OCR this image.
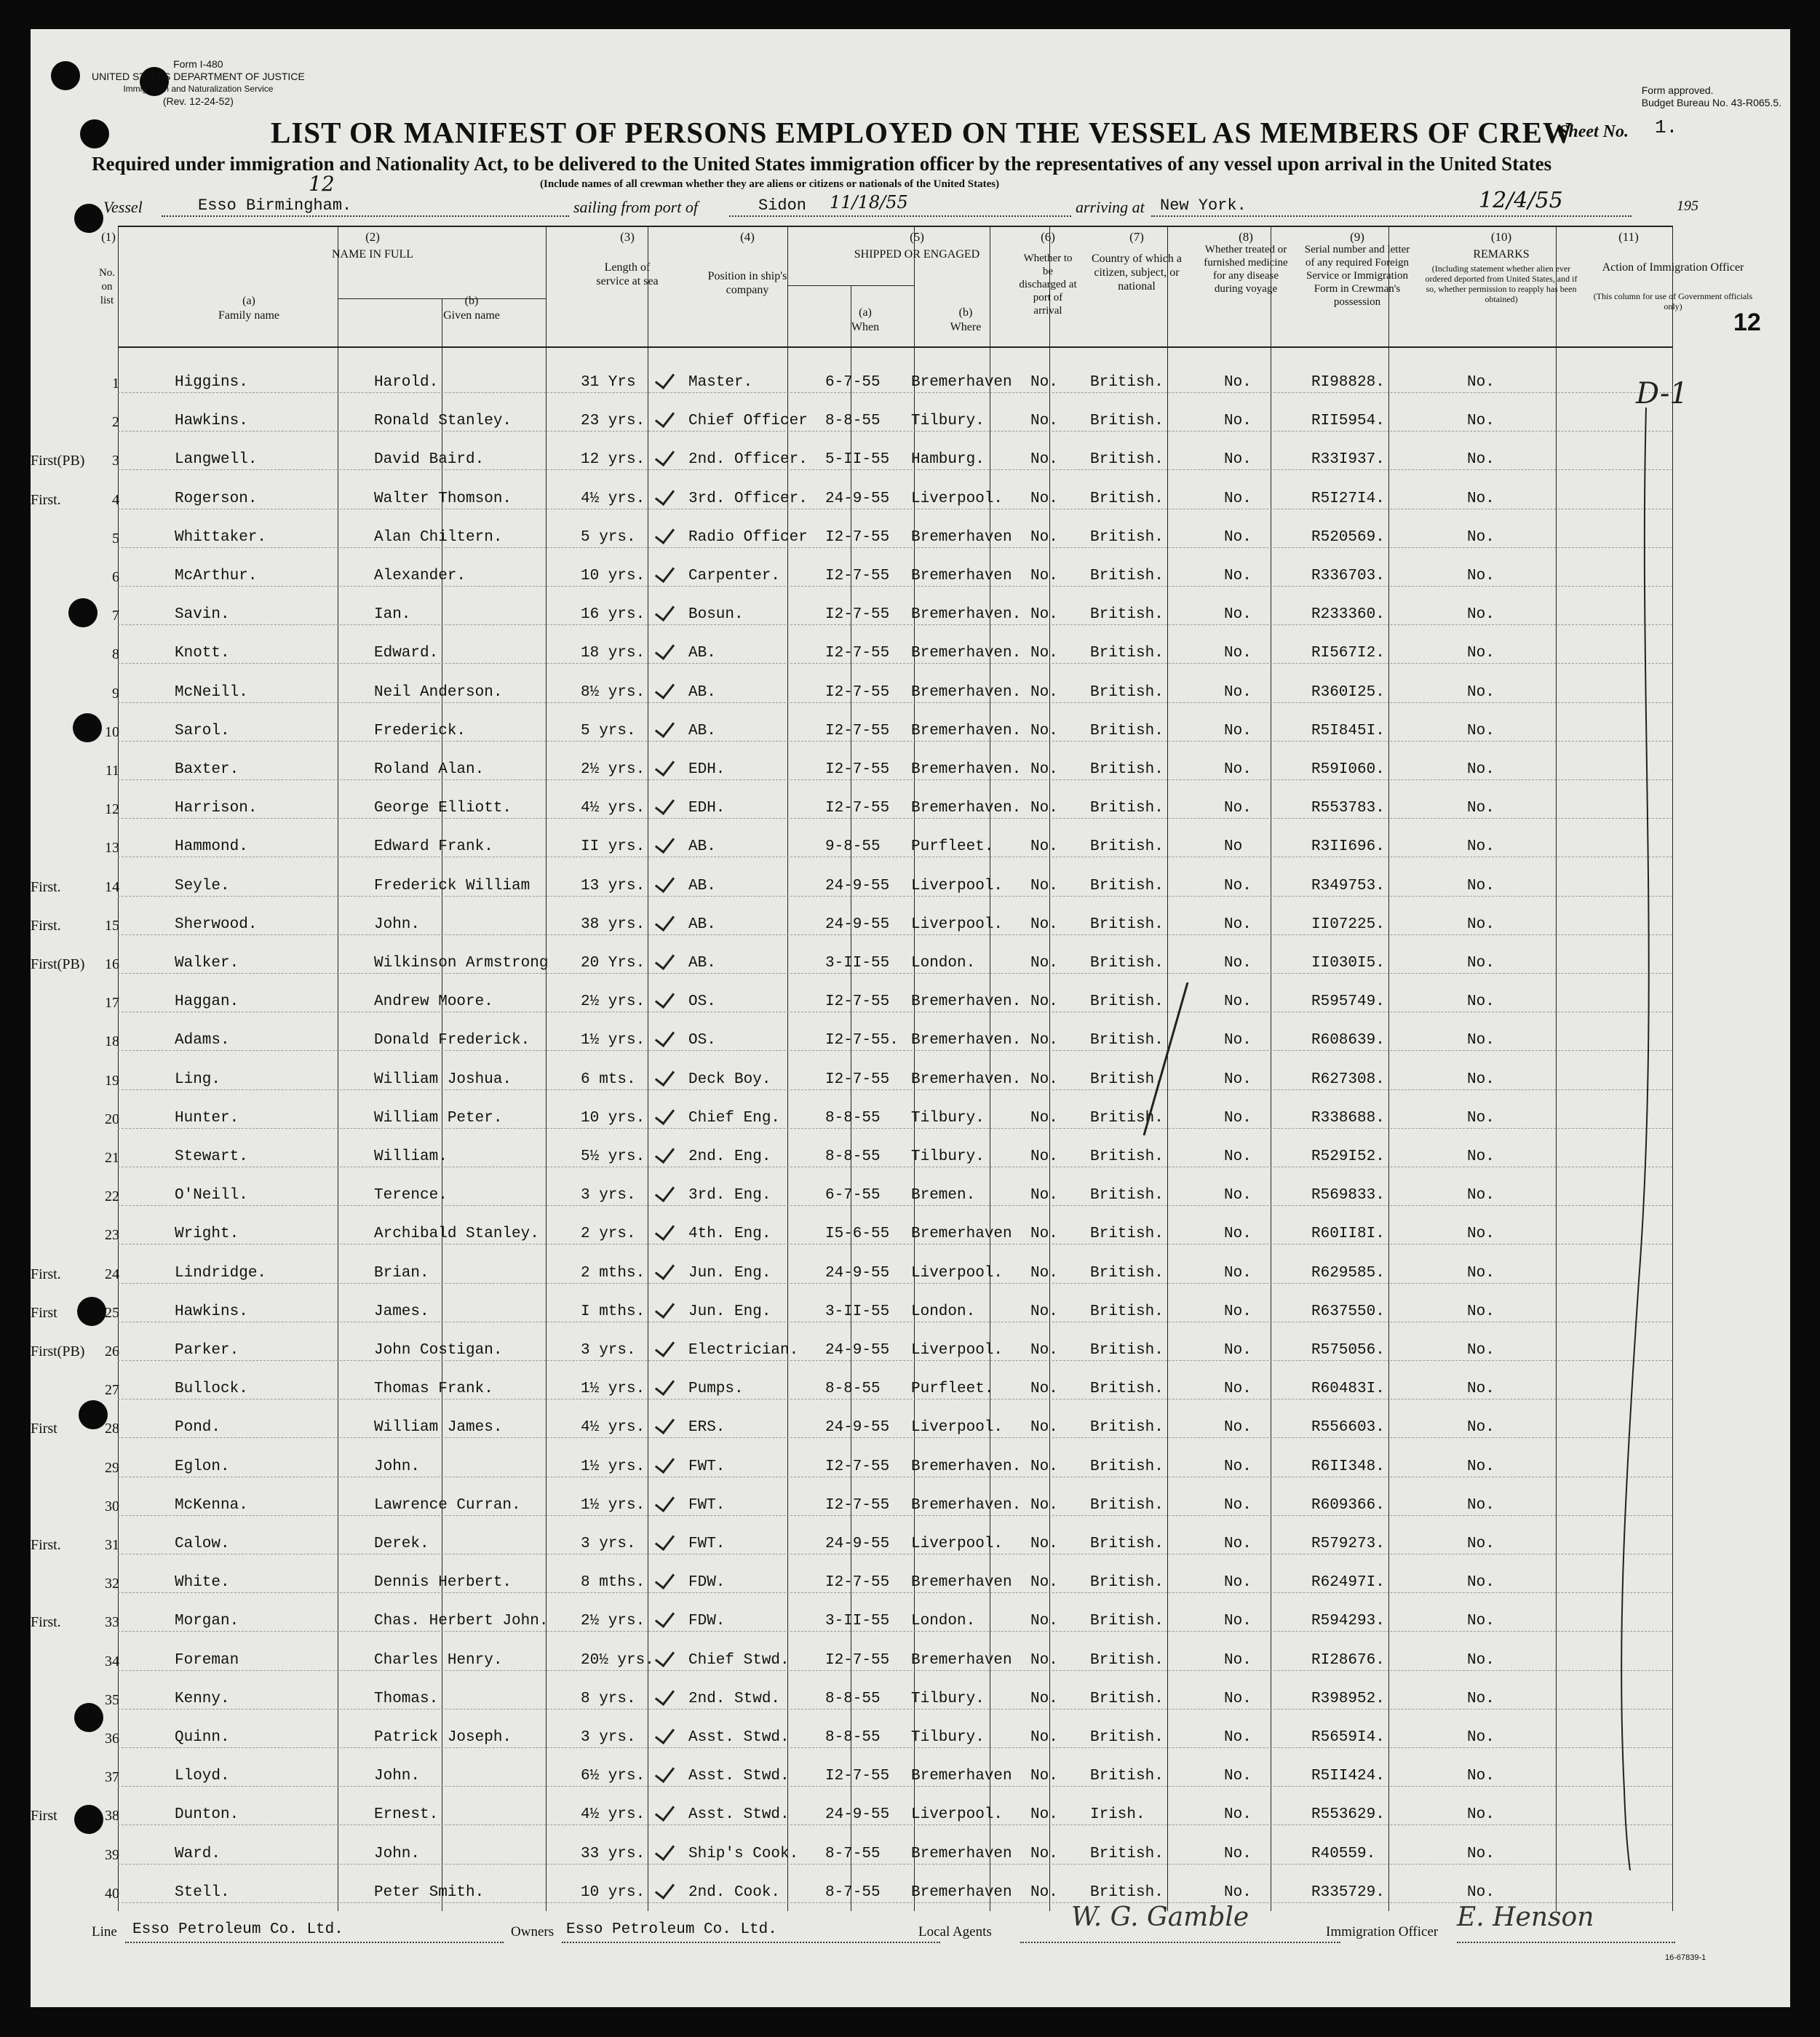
Form I-480
UNITED STATES DEPARTMENT OF JUSTICE
Immigration and Naturalization Service
(Rev. 12-24-52)
Form approved.
Budget Bureau No. 43-R065.5.
LIST OR MANIFEST OF PERSONS EMPLOYED ON THE VESSEL AS MEMBERS OF CREW
Sheet No. 1.
Required under immigration and Nationality Act, to be delivered to the United States immigration officer by the representatives of any vessel upon arrival in the United States
(Include names of all crewman whether they are aliens or citizens or nationals of the United States)
12
Vessel	Esso Birmingham.
12
sailing from port of	Sidon 11/18/55	arriving at New York.	12/4/55	195
(1)
No. on list
(2)
NAME IN FULL
(a)
Family name
(b)
Given name
(3)
Length of service at sea
(4)
Position in ship's company
(5)
SHIPPED OR ENGAGED
(a)
When
(b)
Where
(6)
Whether to be discharged at port of arrival
(7)
Country of which a citizen, subject, or national
(8)
Whether treated or furnished medicine for any disease during voyage
(9)
Serial number and letter of any required Foreign Service or Immigration Form in Crewman's possession
(10)
REMARKS
(Including statement whether alien ever ordered deported from United States, and if so, whether permission to reapply has been obtained)
(11)
Action of Immigration Officer
(This column for use of Government officials only)
1	Higgins.	Harold.	31 Yrs	Master.	6-7-55 Bremerhaven No. British.	No.	RI98828.	No.
2	Hawkins.	Ronald Stanley.	23 yrs.	Chief Officer 8-8-55 Tilbury.	No. British.	No.	RII5954.	No.
First(PB)	3	Langwell.	David Baird.	12 yrs.	2nd. Officer. 5-II-55 Hamburg.	No. British.	No.	R33I937.	No.
First.	4	Rogerson.	Walter Thomson.	4½ yrs.	3rd. Officer. 24-9-55 Liverpool. No. British.	No.	R5I27I4.	No.
5	Whittaker.	Alan Chiltern.	5 yrs.	Radio Officer I2-7-55 Bremerhaven No. British.	No.	R520569.	No.
6	McArthur.	Alexander.	10 yrs.	Carpenter.	I2-7-55 Bremerhaven No. British.	No.	R336703.	No.
7	Savin.	Ian.	16 yrs.	Bosun.	I2-7-55 Bremerhaven. No. British.	No.	R233360.	No.
8	Knott.	Edward.	18 yrs.	AB.	I2-7-55 Bremerhaven. No. British.	No.	RI567I2.	No.
9	McNeill.	Neil Anderson.	8½ yrs.	AB.	I2-7-55 Bremerhaven. No. British.	No.	R360I25.	No.
10	Sarol.	Frederick.	5 yrs.	AB.	I2-7-55 Bremerhaven. No. British.	No.	R5I845I.	No.
11	Baxter.	Roland Alan.	2½ yrs.	EDH.	I2-7-55 Bremerhaven. No. British.	No.	R59I060.	No.
12	Harrison.	George Elliott.	4½ yrs.	EDH.	I2-7-55 Bremerhaven. No. British.	No.	R553783.	No.
13	Hammond.	Edward Frank.	II yrs.	AB.	9-8-55 Purfleet. No. British.	No	R3II696.	No.
First.	14	Seyle.	Frederick William	13 yrs.	AB.	24-9-55 Liverpool. No. British.	No.	R349753.	No.
First.	15	Sherwood.	John.	38 yrs.	AB.	24-9-55 Liverpool. No. British.	No.	II07225.	No.
First(PB)	16	Walker.	Wilkinson Armstrong 20 Yrs.	AB.	3-II-55 London.	No. British.	No.	II030I5.	No.
17	Haggan.	Andrew Moore.	2½ yrs.	OS.	I2-7-55 Bremerhaven. No. British.	No.	R595749.	No.
18	Adams.	Donald Frederick.	1½ yrs.	OS.	I2-7-55. Bremerhaven. No. British.	No.	R608639.	No.
19	Ling.	William Joshua.	6 mts.	Deck Boy.	I2-7-55 Bremerhaven. No. British.	No.	R627308.	No.
20	Hunter.	William Peter.	10 yrs.	Chief Eng.	8-8-55 Tilbury.	No. British.	No.	R338688.	No.
21	Stewart.	William.	5½ yrs.	2nd. Eng.	8-8-55 Tilbury.	No. British.	No.	R529I52.	No.
22	O'Neill.	Terence.	3 yrs.	3rd. Eng.	6-7-55 Bremen.	No. British.	No.	R569833.	No.
23	Wright.	Archibald Stanley.	2 yrs.	4th. Eng.	I5-6-55 Bremerhaven No. British.	No.	R60II8I.	No.
First.	24	Lindridge.	Brian.	2 mths.	Jun. Eng.	24-9-55 Liverpool. No. British.	No.	R629585.	No.
First	25	Hawkins.	James.	I mths.	Jun. Eng.	3-II-55 London.	No. British.	No.	R637550.	No.
First(PB)	26	Parker.	John Costigan.	3 yrs.	Electrician. 24-9-55 Liverpool. No. British.	No.	R575056.	No.
27	Bullock.	Thomas Frank.	1½ yrs.	Pumps.	8-8-55 Purfleet. No. British.	No.	R60483I.	No.
First	28	Pond.	William James.	4½ yrs.	ERS.	24-9-55 Liverpool. No. British.	No.	R556603.	No.
29	Eglon.	John.	1½ yrs.	FWT.	I2-7-55 Bremerhaven. No. British.	No.	R6II348.	No.
30	McKenna.	Lawrence Curran.	1½ yrs.	FWT.	I2-7-55 Bremerhaven. No. British.	No.	R609366.	No.
First.	31	Calow.	Derek.	3 yrs.	FWT.	24-9-55 Liverpool. No. British.	No.	R579273.	No.
32	White.	Dennis Herbert.	8 mths.	FDW.	I2-7-55 Bremerhaven No. British.	No.	R62497I.	No.
First.	33	Morgan.	Chas. Herbert John. 2½ yrs.	FDW.	3-II-55 London.	No. British.	No.	R594293.	No.
34	Foreman	Charles Henry.	20½ yrs. Chief Stwd. I2-7-55 Bremerhaven No. British.	No.	RI28676.	No.
35	Kenny.	Thomas.	8 yrs.	2nd. Stwd.	8-8-55 Tilbury.	No. British.	No.	R398952.	No.
36	Quinn.	Patrick Joseph.	3 yrs.	Asst. Stwd. 8-8-55 Tilbury.	No. British.	No.	R5659I4.	No.
37	Lloyd.	John.	6½ yrs.	Asst. Stwd. I2-7-55 Bremerhaven No. British.	No.	R5II424.	No.
First	38	Dunton.	Ernest.	4½ yrs.	Asst. Stwd. 24-9-55 Liverpool. No. Irish.	No.	R553629.	No.
39	Ward.	John.	33 yrs.	Ship's Cook. 8-7-55 Bremerhaven No. British.	No.	R40559.	No.
40	Stell.	Peter Smith.	10 yrs.	2nd. Cook.	8-7-55 Bremerhaven No. British.	No.	R335729.	No.
D-1
Line Esso Petroleum Co. Ltd.	Owners Esso Petroleum Co. Ltd.	Local Agents	W. G. Gamble	Immigration Officer E. Henson
16-67839-1
